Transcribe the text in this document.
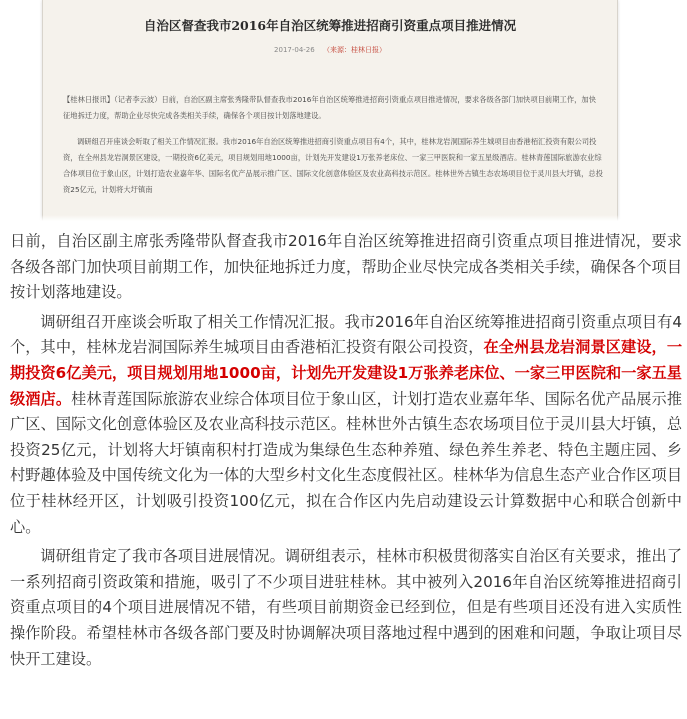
自治区督查我市2016年自治区统筹推进招商引资重点项目推进情况
2017-04-26 （来源：桂林日报）

【桂林日报讯】（记者李云波）日前，自治区副主席张秀隆带队督查我市2016年自治区统筹推进招商引资重点项目推进情况，要求各级各部门加快项目前期工作，加快征地拆迁力度，帮助企业尽快完成各类相关手续，确保各个项目按计划落地建设。

调研组召开座谈会听取了相关工作情况汇报。我市2016年自治区统筹推进招商引资重点项目有4个，其中，桂林龙岩洞国际养生城项目由香港栢汇投资有限公司投资，在全州县龙岩洞景区建设，一期投资6亿美元，项目规划用地1000亩，计划先开发建设1万张养老床位、一家三甲医院和一家五星级酒店。桂林青莲国际旅游农业综合体项目位于象山区，计划打造农业嘉年华、国际名优产品展示推广区、国际文化创意体验区及农业高科技示范区。桂林世外古镇生态农场项目位于灵川县大圩镇，总投资25亿元，计划将大圩镇南

日前，自治区副主席张秀隆带队督查我市2016年自治区统筹推进招商引资重点项目推进情况，要求各级各部门加快项目前期工作，加快征地拆迁力度，帮助企业尽快完成各类相关手续，确保各个项目按计划落地建设。

调研组召开座谈会听取了相关工作情况汇报。我市2016年自治区统筹推进招商引资重点项目有4个，其中，桂林龙岩洞国际养生城项目由香港栢汇投资有限公司投资，在全州县龙岩洞景区建设，一期投资6亿美元，项目规划用地1000亩，计划先开发建设1万张养老床位、一家三甲医院和一家五星级酒店。桂林青莲国际旅游农业综合体项目位于象山区，计划打造农业嘉年华、国际名优产品展示推广区、国际文化创意体验区及农业高科技示范区。桂林世外古镇生态农场项目位于灵川县大圩镇，总投资25亿元，计划将大圩镇南积村打造成为集绿色生态种养殖、绿色养生养老、特色主题庄园、乡村野趣体验及中国传统文化为一体的大型乡村文化生态度假社区。桂林华为信息生态产业合作区项目位于桂林经开区，计划吸引投资100亿元，拟在合作区内先启动建设云计算数据中心和联合创新中心。

调研组肯定了我市各项目进展情况。调研组表示，桂林市积极贯彻落实自治区有关要求，推出了一系列招商引资政策和措施，吸引了不少项目进驻桂林。其中被列入2016年自治区统筹推进招商引资重点项目的4个项目进展情况不错，有些项目前期资金已经到位，但是有些项目还没有进入实质性操作阶段。希望桂林市各级各部门要及时协调解决项目落地过程中遇到的困难和问题，争取让项目尽快开工建设。
